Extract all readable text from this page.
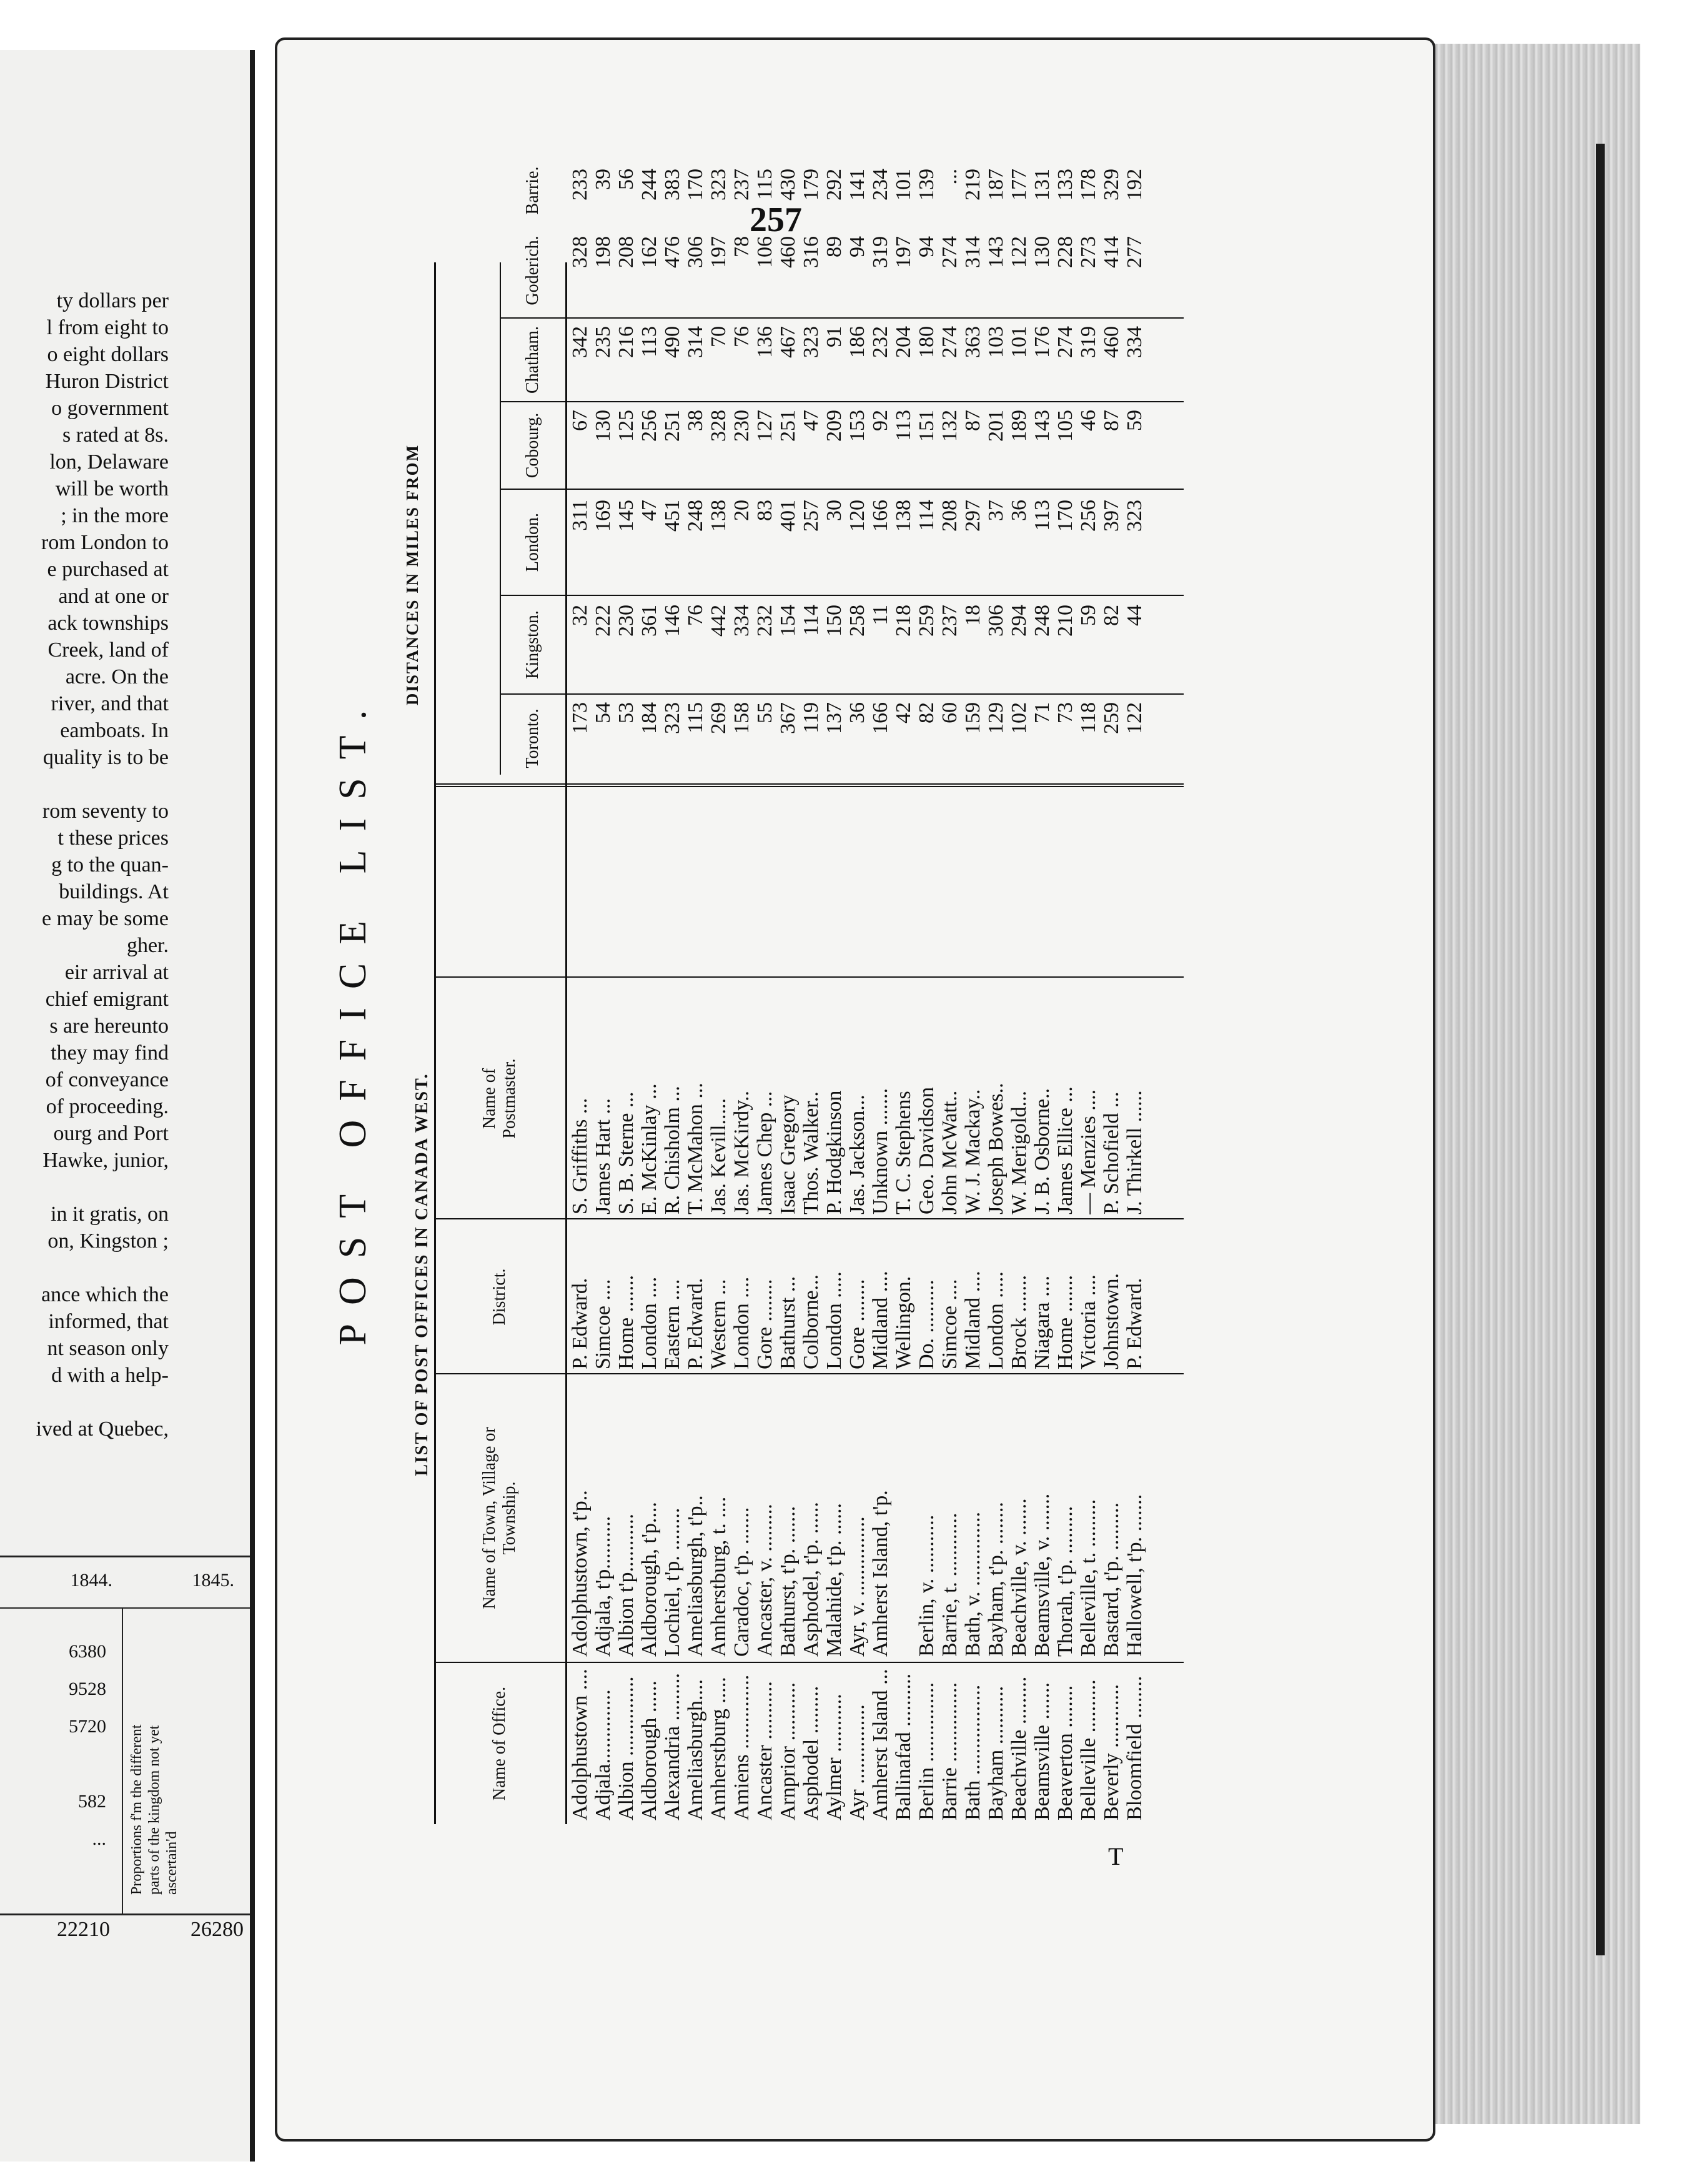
ty dollars per
l from eight to
o eight dollars
Huron District
o government
s rated at 8s.
lon, Delaware
will be worth
; in the more
rom London to
e purchased at
and at one or
ack townships
Creek, land of
acre. On the
river, and that
eamboats. In
quality is to be
rom seventy to
t these prices
g to the quan-
buildings. At
e may be some
gher.
eir arrival at
chief emigrant
s are hereunto
they may find
of conveyance
of proceeding.
ourg and Port
Hawke, junior,
in it gratis, on
on, Kingston ;
ance which the
informed, that
nt season only
d with a help-
ived at Quebec,
1844.	1845.
6380
9528
5720
582
... Proportions f'm the different parts of the kingdom not yet ascertain'd
22210	26280
257
T
POST OFFICE LIST. LIST OF POST OFFICES IN CANADA WEST.
DISTANCES IN MILES FROM
Name of Office.
Name of Town, Village or Township.
District.
Name of Postmaster.
Toronto.
Kingston.
London.
Cobourg.
Chatham.
Goderich.
Barrie.
Adolphustown .... Adjala.............. Albion ............... Aldborough ...... Alexandria ......... Ameliasburgh.... Amherstburg ..... Amiens .............. Ancaster ........... Arnprior ........... Asphodel ......... Aylmer ........... Ayr ............... Amherst Island ... Ballinafad .......... Berlin ............... Barrie ............... Bath ................. Bayham ........... Beachville ......... Beamsville ....... Beaverton ........ Belleville .......... Beverly ............ Bloomfield ........
Adolphustown, t'p.. Adjala, t'p.......... Albion t'p........... Aldborough, t'p.... Lochiel, t'p. ........ Ameliasburgh, t'p.. Amherstburg, t. .... Caradoc, t'p. ....... Ancaster, v. ......... Bathurst, t'p. ....... Asphodel, t'p. ...... Malahide, t'p. ...... Ayr, v. ............... Amherst Island, t'p. Berlin, v. ........... Barrie, t. ............ Bath, v. .............. Bayham, t'p. ........ Beachville, v. ....... Beamsville, v. ....... Thorah, t'p. ......... Belleville, t. ......... Bastard, t'p. ......... Hallowell, t'p. .......
P. Edward. Simcoe .... Home ....... London .... Eastern .... P. Edward. Western ... London .... Gore ........ Bathurst ... Colborne... London ..... Gore ........ Midland .... Wellingon. Do. .......... Simcoe .... Midland .... London ..... Brock ....... Niagara .... Home ....... Victoria .... Johnstown. P. Edward.
S. Griffiths ... James Hart ... S. B. Sterne ... E. McKinlay ... R. Chisholm ... T. McMahon ... Jas. Kevill..... Jas. McKirdy.. James Chep ... Isaac Gregory Thos. Walker.. P. Hodgkinson Jas. Jackson... Unknown ....... T. C. Stephens Geo. Davidson John McWatt.. W. J. Mackay.. Joseph Bowes.. W. Merigold... J. B. Osborne.. James Ellice ... — Menzies .... P. Schofield ... J. Thirkell ......
173 54 53 184 323 115 269 158 55 367 119 137 36 166 42 82 60 159 129 102 71 73 118 259 122
32 222 230 361 146 76 442 334 232 154 114 150 258 11 218 259 237 18 306 294 248 210 59 82 44
311 169 145 47 451 248 138 20 83 401 257 30 120 166 138 114 208 297 37 36 113 170 256 397 323
67 130 125 256 251 38 328 230 127 251 47 209 153 92 113 151 132 87 201 189 143 105 46 87 59
342 235 216 113 490 314 70 76 136 467 323 91 186 232 204 180 274 363 103 101 176 274 319 460 334
328 198 208 162 476 306 197 78 106 460 316 89 94 319 197 94 274 314 143 122 130 228 273 414 277
233 39 56 244 383 170 323 237 115 430 179 292 141 234 101 139 ... 219 187 177 131 133 178 329 192
